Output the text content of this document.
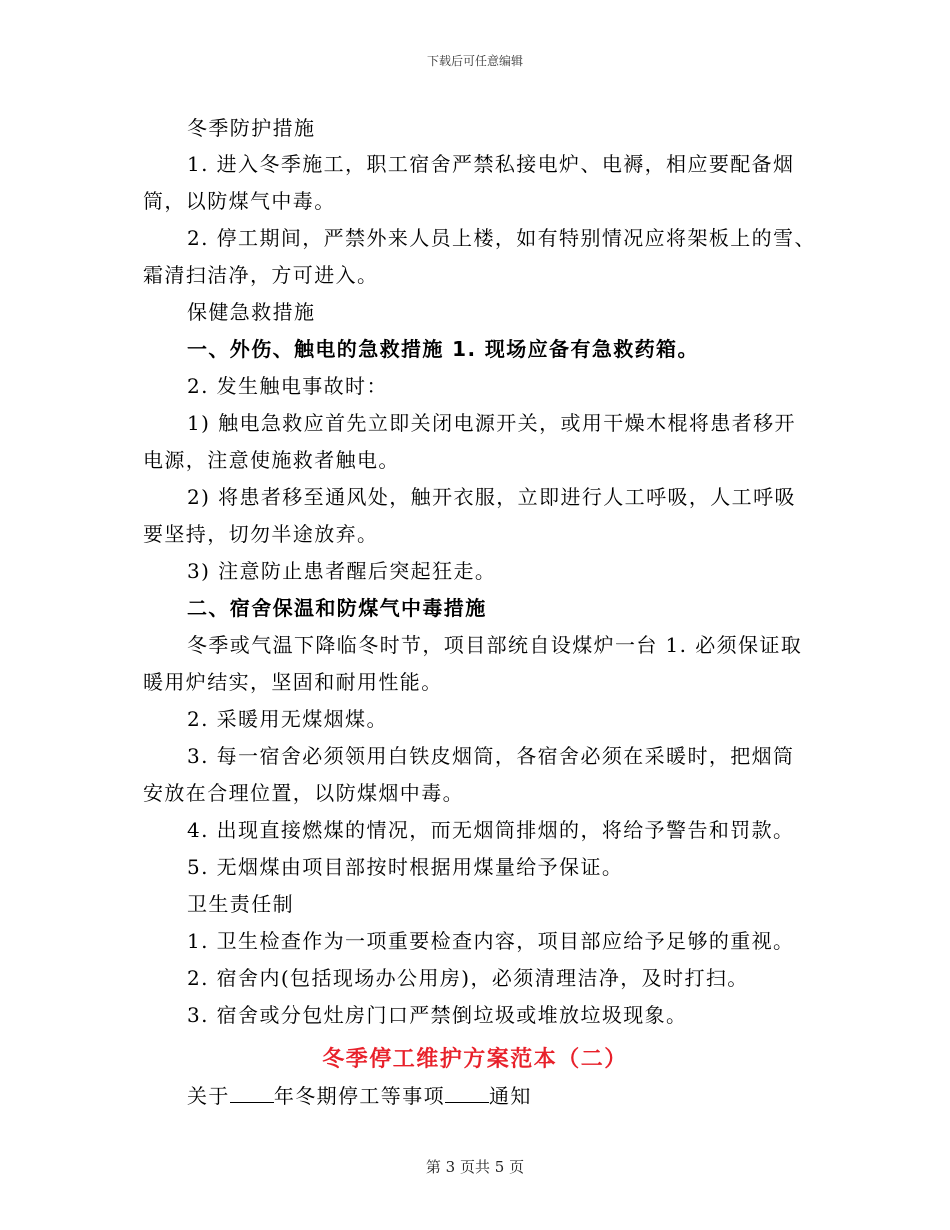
下载后可任意编辑
冬季防护措施
1. 进入冬季施工，职工宿舍严禁私接电炉、电褥，相应要配备烟
筒，以防煤气中毒。
2. 停工期间，严禁外来人员上楼，如有特别情况应将架板上的雪、
霜清扫洁净，方可进入。
保健急救措施
一、外伤、触电的急救措施 1. 现场应备有急救药箱。
2. 发生触电事故时：
1) 触电急救应首先立即关闭电源开关，或用干燥木棍将患者移开
电源，注意使施救者触电。
2) 将患者移至通风处，触开衣服，立即进行人工呼吸，人工呼吸
要坚持，切勿半途放弃。
3) 注意防止患者醒后突起狂走。
二、宿舍保温和防煤气中毒措施
冬季或气温下降临冬时节，项目部统自设煤炉一台 1. 必须保证取
暖用炉结实，坚固和耐用性能。
2. 采暖用无煤烟煤。
3. 每一宿舍必须领用白铁皮烟筒，各宿舍必须在采暖时，把烟筒
安放在合理位置，以防煤烟中毒。
4. 出现直接燃煤的情况，而无烟筒排烟的，将给予警告和罚款。
5. 无烟煤由项目部按时根据用煤量给予保证。
卫生责任制
1. 卫生检查作为一项重要检查内容，项目部应给予足够的重视。
2. 宿舍内(包括现场办公用房)，必须清理洁净，及时打扫。
3. 宿舍或分包灶房门口严禁倒垃圾或堆放垃圾现象。
冬季停工维护方案范本（二）
关于 年冬期停工等事项 通知
第 3 页共 5 页
